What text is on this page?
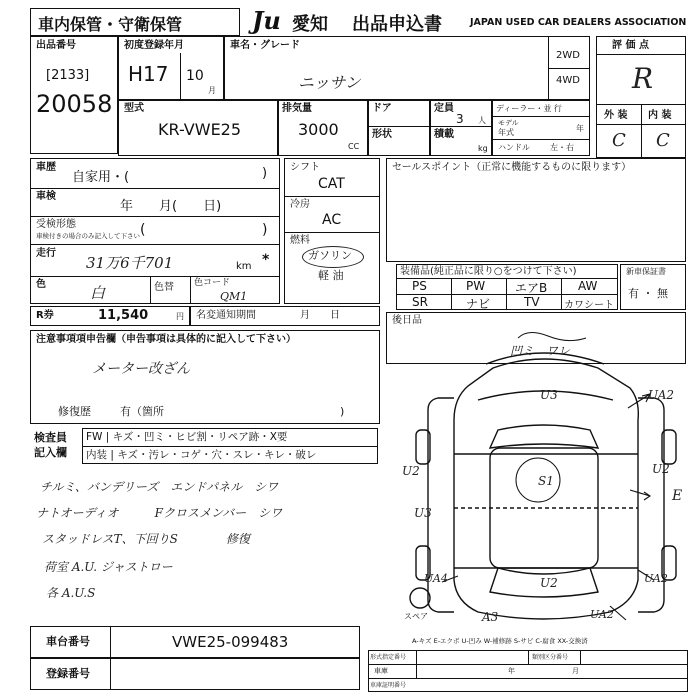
車内保管・守衛保管	Ju 愛知 出品申込書	JAPAN USED CAR DEALERS ASSOCIATION
出品番号
[2133]
20058
初度登録年月
H17 10
月
車名・グレード
ニッサン
2WD
4WD
評 価 点
R
外 装 内 装
C C
型式
KR-VWE25
排気量
3000
CC
ドア
形状
定員
3 人
積載
kg
ディーラー・並 行
モデル
年式	年
ハンドル	左・右
車歴
自家用・(	)
車検
年　　月(　　日)
受検形態
車検付きの場合のみ記入して下さい (	)
走行
31万6千701	km *
色	白	色替 色コード
QM1
シフト
CAT
冷房
AC
燃料
ガソリン
軽 油
セールスポイント（正常に機能するものに限ります）
装備品(純正品に限り○をつけて下さい)
PS	PW エアB	AW
SR	ナビ	TV カワシート
新車保証書
有 ・ 無
R券	11,540	円 名変通知期間	月　　日
注意事項項申告欄（申告事項は具体的に記入して下さい）
メーター改ざん
修復歴	有（箇所	)
後日品
検査員
記入欄
FW | キズ・凹ミ・ヒビ割・リペア跡・X要
内装 | キズ・汚レ・コゲ・穴・スレ・キレ・破レ
チルミ、バンデリーズ　エンドパネル　シワ
ナトオーディオ　　　Fクロスメンバー　シワ
スタッドレスT、下回りS　　　　修復
荷室 A.U. ジャストロー
各 A.U.S
車台番号	VWE25-099483
登録番号
凹ミ　ワレ
U3	UA2
U2
S1
U2
E
U3
U2
UA4	UA2
A3	UA2
スペア
A-キズ E-エクボ U-凹み W-補修跡 S-サビ C-腐食 XX-交換済
形式指定番号	類別区分番号
車庫	年	月
車庫証明番号
